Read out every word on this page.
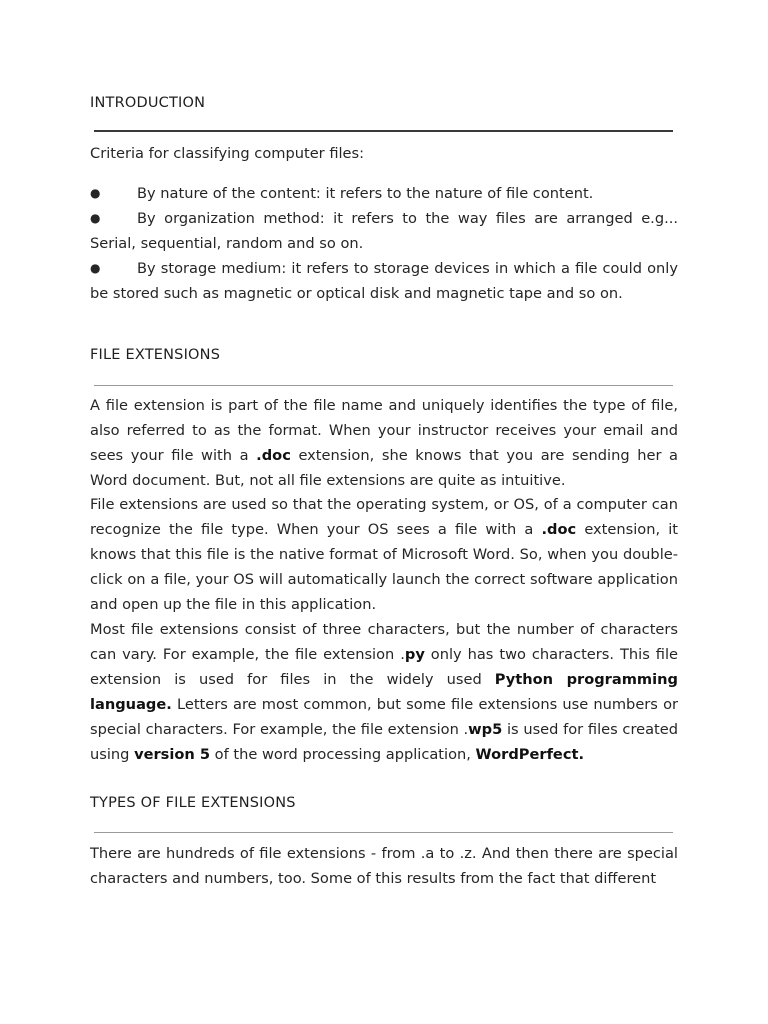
INTRODUCTION

Criteria for classifying computer files:

●	By nature of the content: it refers to the nature of file content.

●	By organization method: it refers to the way files are arranged e.g... Serial, sequential, random and so on.

●	By storage medium: it refers to storage devices in which a file could only be stored such as magnetic or optical disk and magnetic tape and so on.

FILE EXTENSIONS

A file extension is part of the file name and uniquely identifies the type of file, also referred to as the format. When your instructor receives your email and sees your file with a .doc extension, she knows that you are sending her a Word document. But, not all file extensions are quite as intuitive.

File extensions are used so that the operating system, or OS, of a computer can recognize the file type. When your OS sees a file with a .doc extension, it knows that this file is the native format of Microsoft Word. So, when you double-click on a file, your OS will automatically launch the correct software application and open up the file in this application.

Most file extensions consist of three characters, but the number of characters can vary. For example, the file extension .py only has two characters. This file extension is used for files in the widely used Python programming language. Letters are most common, but some file extensions use numbers or special characters. For example, the file extension .wp5 is used for files created using version 5 of the word processing application, WordPerfect.

TYPES OF FILE EXTENSIONS

There are hundreds of file extensions - from .a to .z. And then there are special characters and numbers, too. Some of this results from the fact that different
